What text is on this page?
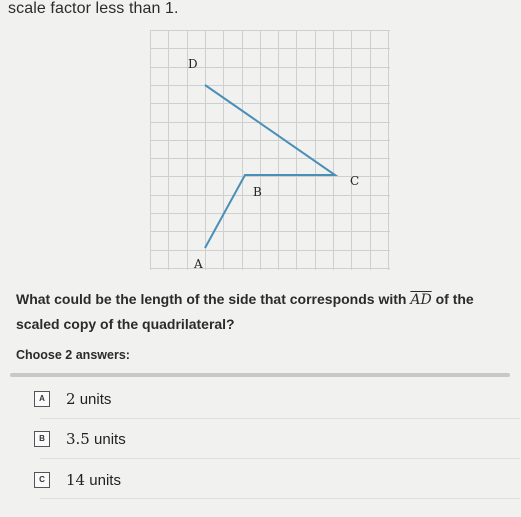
scale factor less than 1.
D
C
B
A
What could be the length of the side that corresponds with $\overline{AD}$ of the scaled copy of the quadrilateral?
Choose 2 answers:
A	2 units
B	3.5 units
C	14 units
